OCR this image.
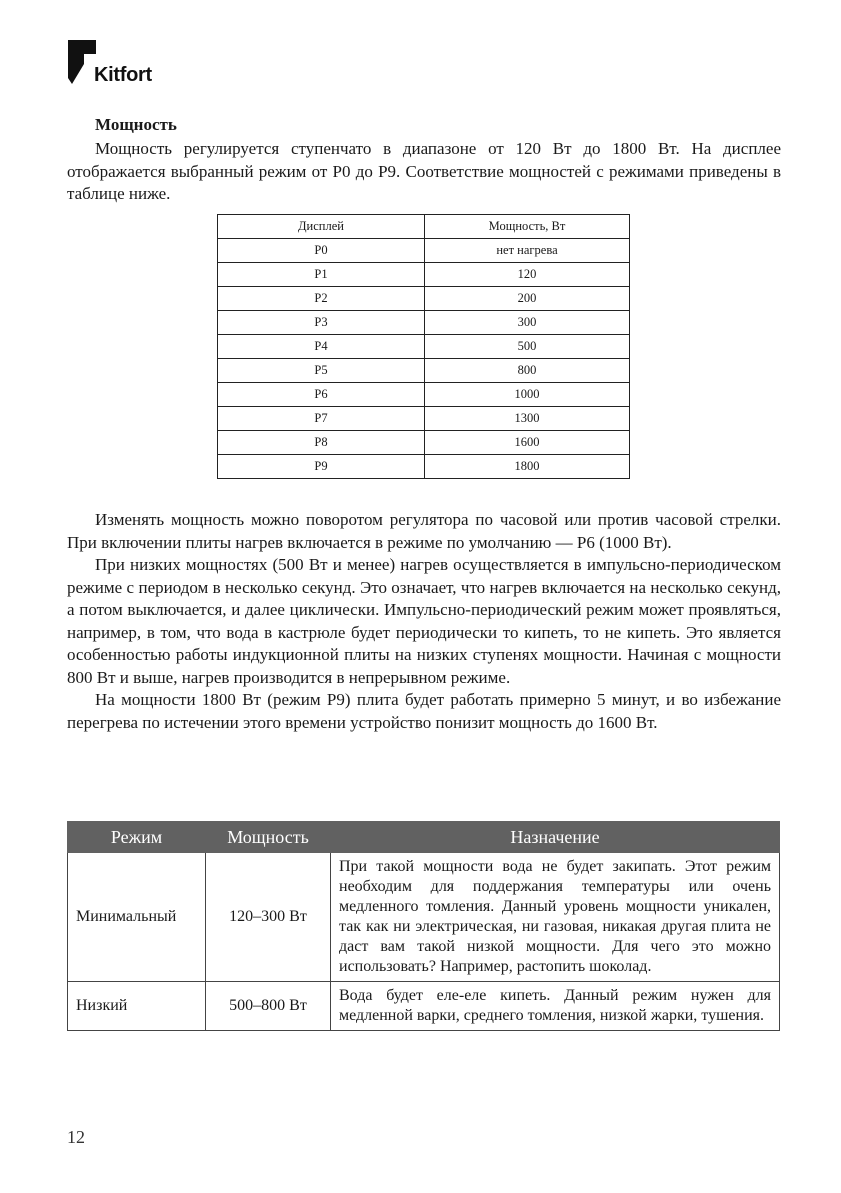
Kitfort
Мощность

Мощность регулируется ступенчато в диапазоне от 120 Вт до 1800 Вт. На дисплее отображается выбранный режим от Р0 до Р9. Соответствие мощностей с режимами приведены в таблице ниже.

Дисплей	Мощность, Вт
Р0	нет нагрева
Р1	120
Р2	200
Р3	300
Р4	500
Р5	800
Р6	1000
Р7	1300
Р8	1600
Р9	1800

Изменять мощность можно поворотом регулятора по часовой или против часовой стрелки. При включении плиты нагрев включается в режиме по умолчанию — Р6 (1000 Вт).

При низких мощностях (500 Вт и менее) нагрев осуществляется в импульсно-периодическом режиме с периодом в несколько секунд. Это означает, что нагрев включается на несколько секунд, а потом выключается, и далее циклически. Импульсно-периодический режим может проявляться, например, в том, что вода в кастрюле будет периодически то кипеть, то не кипеть. Это является особенностью работы индукционной плиты на низких ступенях мощности. Начиная с мощности 800 Вт и выше, нагрев производится в непрерывном режиме.

На мощности 1800 Вт (режим Р9) плита будет работать примерно 5 минут, и во избежание перегрева по истечении этого времени устройство понизит мощность до 1600 Вт.

Режим	Мощность	Назначение
Минимальный	120–300 Вт	При такой мощности вода не будет закипать. Этот режим необходим для поддержания температуры или очень медленного томления. Данный уровень мощности уникален, так как ни электрическая, ни газовая, никакая другая плита не даст вам такой низкой мощности. Для чего это можно использовать? Например, растопить шоколад.
Низкий	500–800 Вт	Вода будет еле-еле кипеть. Данный режим нужен для медленной варки, среднего томления, низкой жарки, тушения.
12
